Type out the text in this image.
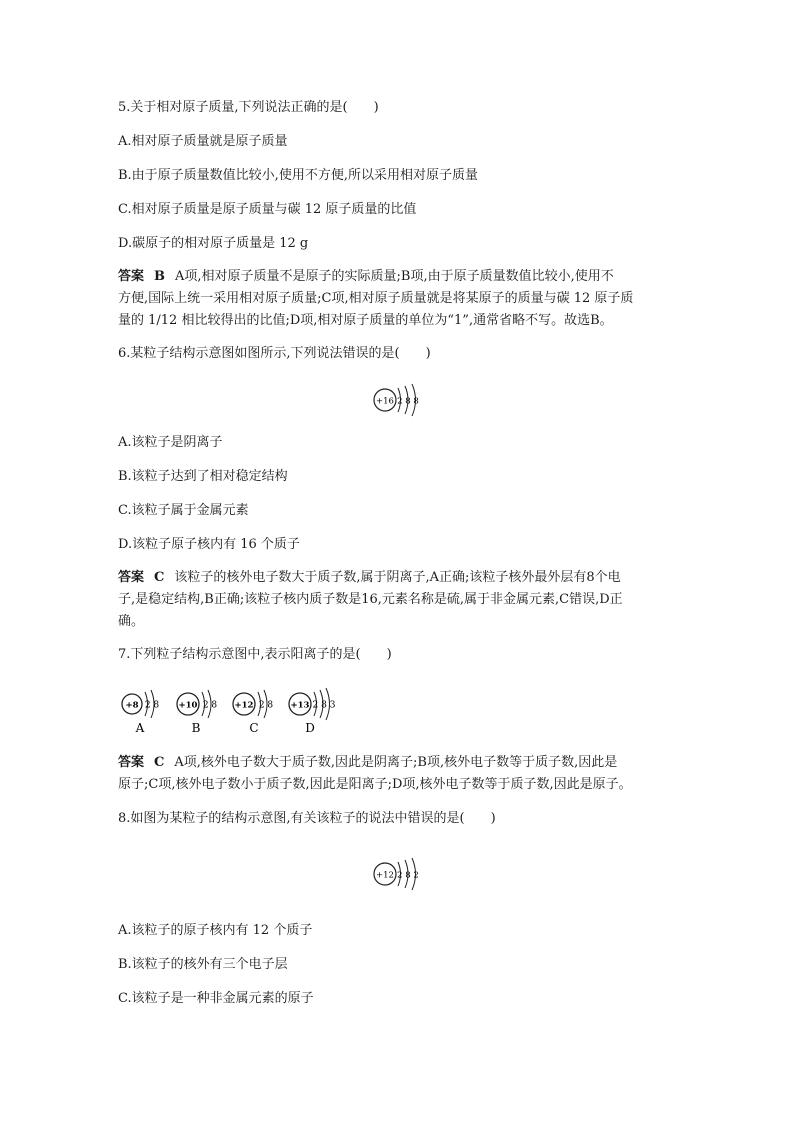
5.关于相对原子质量,下列说法正确的是(　　)
A.相对原子质量就是原子质量
B.由于原子质量数值比较小,使用不方便,所以采用相对原子质量
C.相对原子质量是原子质量与碳 12 原子质量的比值
D.碳原子的相对原子质量是 12 g
答案 B A项,相对原子质量不是原子的实际质量;B项,由于原子质量数值比较小,使用不
方便,国际上统一采用相对原子质量;C项,相对原子质量就是将某原子的质量与碳 12 原子质
量的 1/12 相比较得出的比值;D项,相对原子质量的单位为“1”,通常省略不写。故选B。
6.某粒子结构示意图如图所示,下列说法错误的是(　　)
+16 2 8 8
A.该粒子是阴离子
B.该粒子达到了相对稳定结构
C.该粒子属于金属元素
D.该粒子原子核内有 16 个质子
答案 C 该粒子的核外电子数大于质子数,属于阴离子,A正确;该粒子核外最外层有8个电
子,是稳定结构,B正确;该粒子核内质子数是16,元素名称是硫,属于非金属元素,C错误,D正
确。
7.下列粒子结构示意图中,表示阳离子的是(　　)
+8 2 8
A
+10 2 8
B
+12 2 8
C
+13 2 8 3
D
答案 C A项,核外电子数大于质子数,因此是阴离子;B项,核外电子数等于质子数,因此是
原子;C项,核外电子数小于质子数,因此是阳离子;D项,核外电子数等于质子数,因此是原子。
8.如图为某粒子的结构示意图,有关该粒子的说法中错误的是(　　)
+12 2 8 2
A.该粒子的原子核内有 12 个质子
B.该粒子的核外有三个电子层
C.该粒子是一种非金属元素的原子
